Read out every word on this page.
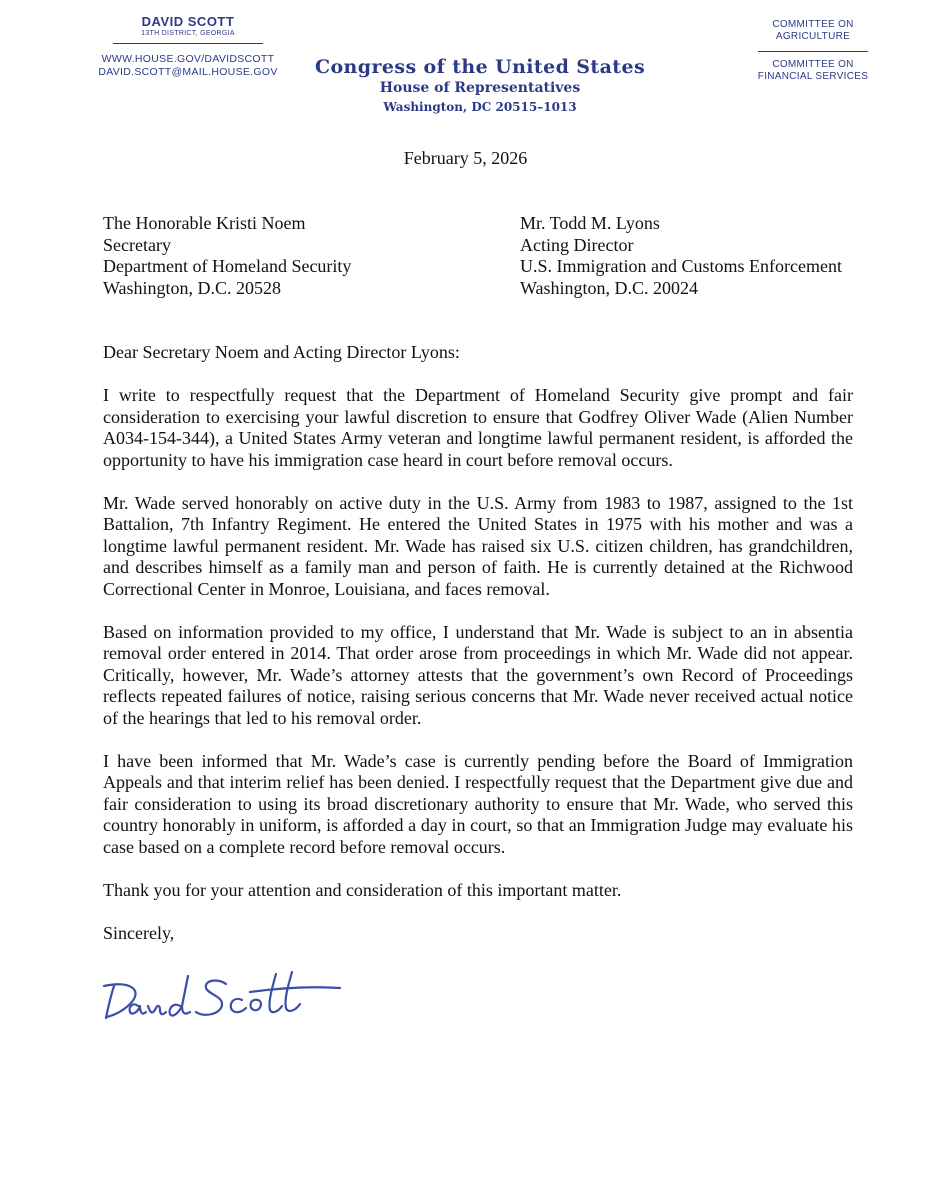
DAVID SCOTT
13TH DISTRICT, GEORGIA
WWW.HOUSE.GOV/DAVIDSCOTT
DAVID.SCOTT@MAIL.HOUSE.GOV	Congress of the United States
House of Representatives
Washington, DC 20515–1013
COMMITTEE ON
AGRICULTURE
COMMITTEE ON
FINANCIAL SERVICES
February 5, 2026
The Honorable Kristi Noem
Secretary
Department of Homeland Security
Washington, D.C. 20528
Mr. Todd M. Lyons
Acting Director
U.S. Immigration and Customs Enforcement
Washington, D.C. 20024
Dear Secretary Noem and Acting Director Lyons:

I write to respectfully request that the Department of Homeland Security give prompt and fair consideration to exercising your lawful discretion to ensure that Godfrey Oliver Wade (Alien Number A034-154-344), a United States Army veteran and longtime lawful permanent resident, is afforded the opportunity to have his immigration case heard in court before removal occurs.

Mr. Wade served honorably on active duty in the U.S. Army from 1983 to 1987, assigned to the 1st Battalion, 7th Infantry Regiment. He entered the United States in 1975 with his mother and was a longtime lawful permanent resident. Mr. Wade has raised six U.S. citizen children, has grandchildren, and describes himself as a family man and person of faith. He is currently detained at the Richwood Correctional Center in Monroe, Louisiana, and faces removal.

Based on information provided to my office, I understand that Mr. Wade is subject to an in absentia removal order entered in 2014. That order arose from proceedings in which Mr. Wade did not appear. Critically, however, Mr. Wade’s attorney attests that the government’s own Record of Proceedings reflects repeated failures of notice, raising serious concerns that Mr. Wade never received actual notice of the hearings that led to his removal order.

I have been informed that Mr. Wade’s case is currently pending before the Board of Immigration Appeals and that interim relief has been denied. I respectfully request that the Department give due and fair consideration to using its broad discretionary authority to ensure that Mr. Wade, who served this country honorably in uniform, is afforded a day in court, so that an Immigration Judge may evaluate his case based on a complete record before removal occurs.

Thank you for your attention and consideration of this important matter.

Sincerely,
